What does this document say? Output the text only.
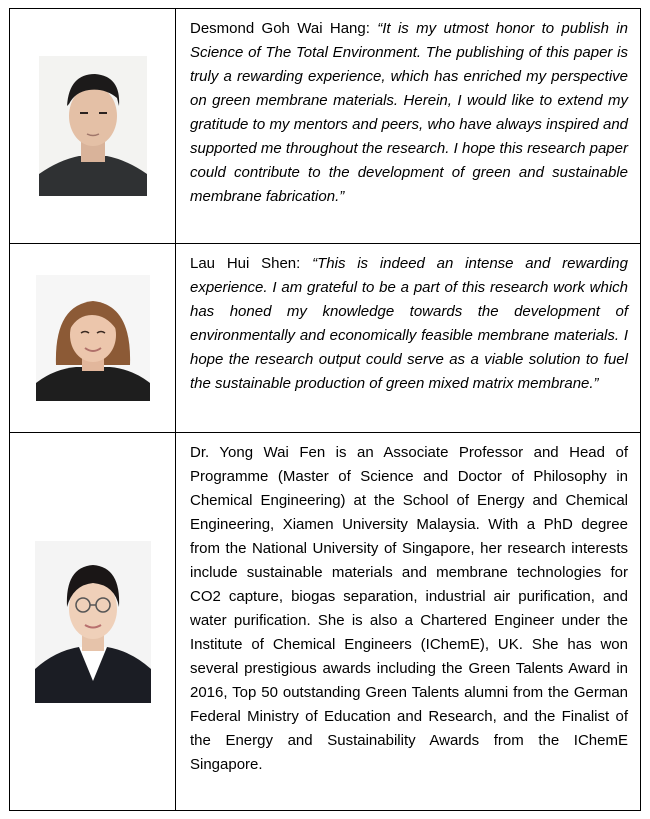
Desmond Goh Wai Hang: “It is my utmost honor to publish in Science of The Total Environment. The publishing of this paper is truly a rewarding experience, which has enriched my perspective on green membrane materials. Herein, I would like to extend my gratitude to my mentors and peers, who have always inspired and supported me throughout the research. I hope this research paper could contribute to the development of green and sustainable membrane fabrication.”

Lau Hui Shen: “This is indeed an intense and rewarding experience. I am grateful to be a part of this research work which has honed my knowledge towards the development of environmentally and economically feasible membrane materials. I hope the research output could serve as a viable solution to fuel the sustainable production of green mixed matrix membrane.”

Dr. Yong Wai Fen is an Associate Professor and Head of Programme (Master of Science and Doctor of Philosophy in Chemical Engineering) at the School of Energy and Chemical Engineering, Xiamen University Malaysia. With a PhD degree from the National University of Singapore, her research interests include sustainable materials and membrane technologies for CO2 capture, biogas separation, industrial air purification, and water purification. She is also a Chartered Engineer under the Institute of Chemical Engineers (IChemE), UK. She has won several prestigious awards including the Green Talents Award in 2016, Top 50 outstanding Green Talents alumni from the German Federal Ministry of Education and Research, and the Finalist of the Energy and Sustainability Awards from the IChemE Singapore.
